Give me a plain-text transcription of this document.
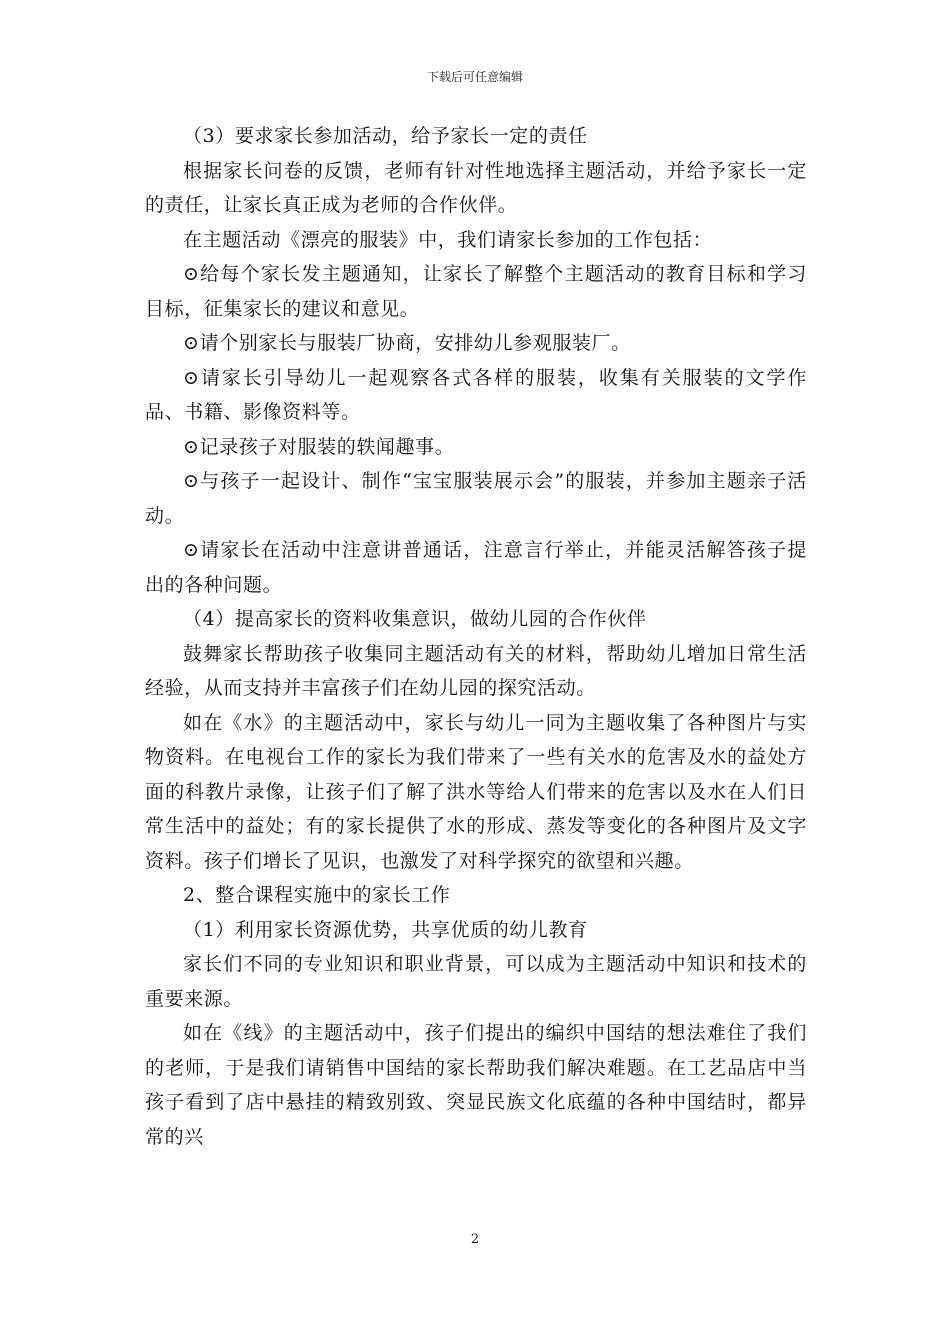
下载后可任意编辑

（3）要求家长参加活动，给予家长一定的责任

根据家长问卷的反馈，老师有针对性地选择主题活动，并给予家长一定的责任，让家长真正成为老师的合作伙伴。

在主题活动《漂亮的服装》中，我们请家长参加的工作包括：

⊙给每个家长发主题通知，让家长了解整个主题活动的教育目标和学习目标，征集家长的建议和意见。

⊙请个别家长与服装厂协商，安排幼儿参观服装厂。

⊙请家长引导幼儿一起观察各式各样的服装，收集有关服装的文学作品、书籍、影像资料等。

⊙记录孩子对服装的轶闻趣事。

⊙与孩子一起设计、制作“宝宝服装展示会”的服装，并参加主题亲子活动。

⊙请家长在活动中注意讲普通话，注意言行举止，并能灵活解答孩子提出的各种问题。

（4）提高家长的资料收集意识，做幼儿园的合作伙伴

鼓舞家长帮助孩子收集同主题活动有关的材料，帮助幼儿增加日常生活经验，从而支持并丰富孩子们在幼儿园的探究活动。

如在《水》的主题活动中，家长与幼儿一同为主题收集了各种图片与实物资料。在电视台工作的家长为我们带来了一些有关水的危害及水的益处方面的科教片录像，让孩子们了解了洪水等给人们带来的危害以及水在人们日常生活中的益处；有的家长提供了水的形成、蒸发等变化的各种图片及文字资料。孩子们增长了见识，也激发了对科学探究的欲望和兴趣。

2、整合课程实施中的家长工作

（1）利用家长资源优势，共享优质的幼儿教育

家长们不同的专业知识和职业背景，可以成为主题活动中知识和技术的重要来源。

如在《线》的主题活动中，孩子们提出的编织中国结的想法难住了我们的老师，于是我们请销售中国结的家长帮助我们解决难题。在工艺品店中当孩子看到了店中悬挂的精致别致、突显民族文化底蕴的各种中国结时，都异常的兴

2
